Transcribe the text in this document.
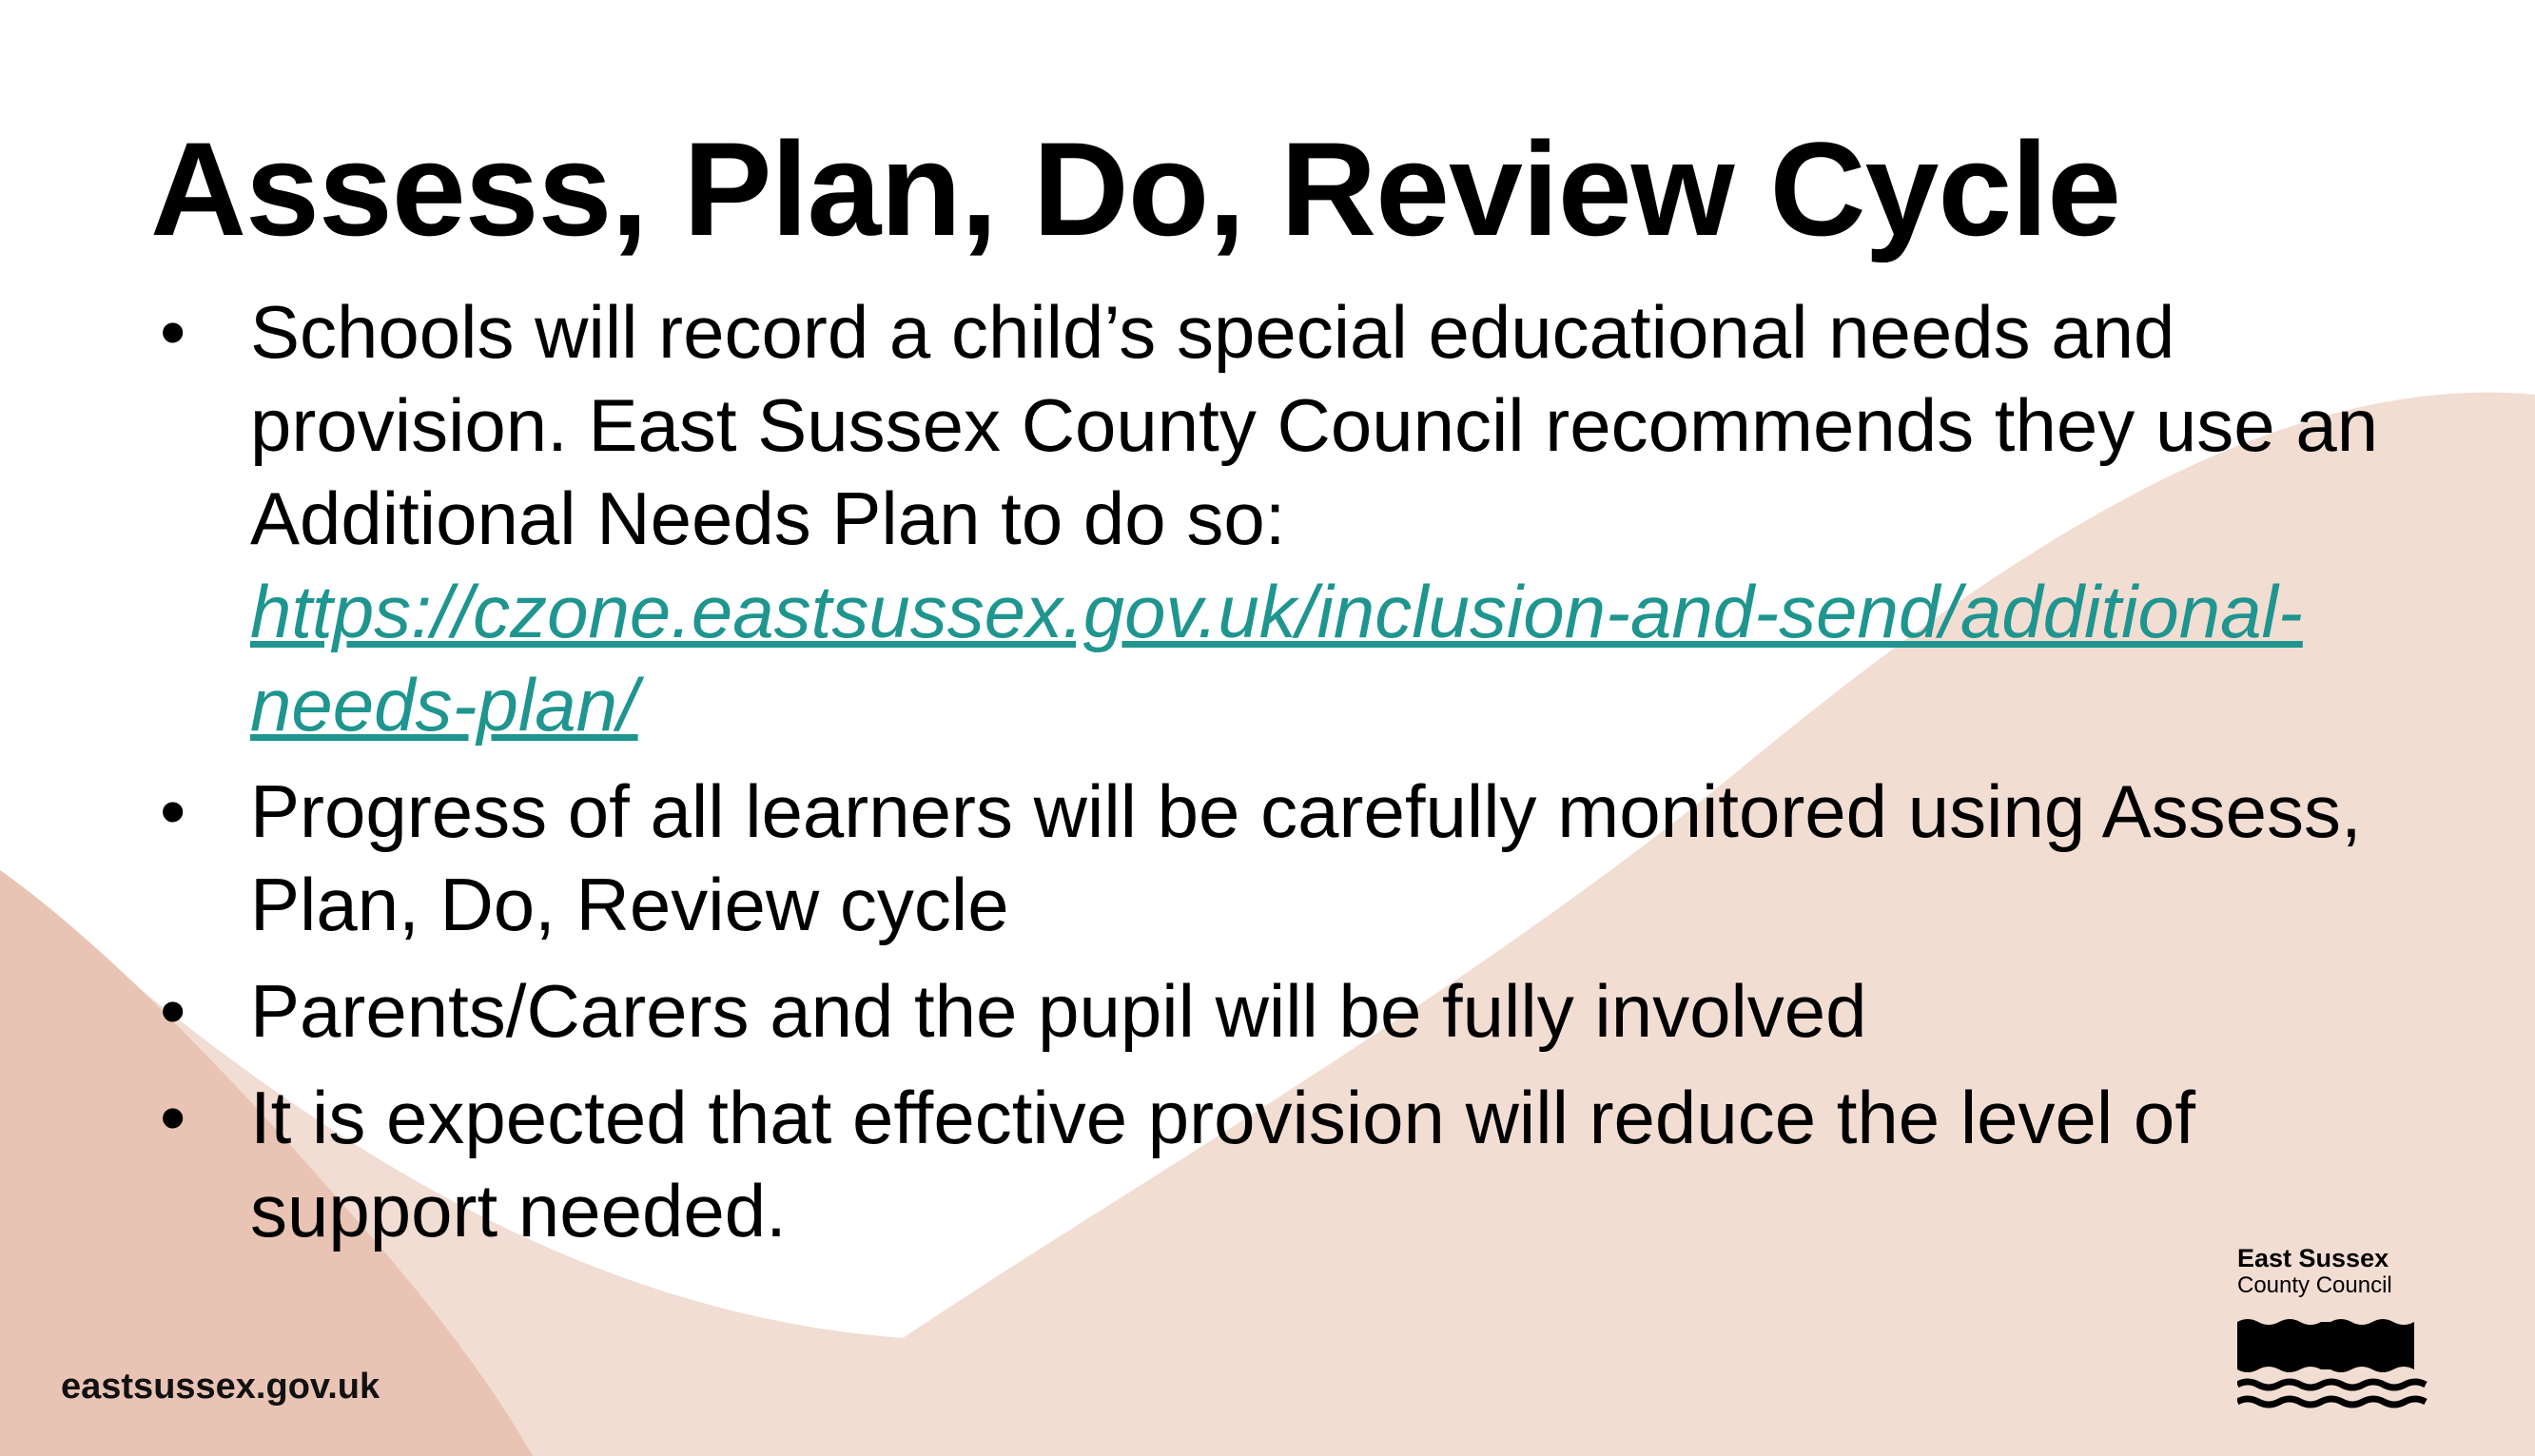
Assess, Plan, Do, Review Cycle
• Schools will record a child’s special educational needs and provision. East Sussex County Council recommends they use an Additional Needs Plan to do so: https://czone.eastsussex.gov.uk/inclusion-and-send/additional-needs-plan/
• Progress of all learners will be carefully monitored using Assess, Plan, Do, Review cycle
• Parents/Carers and the pupil will be fully involved
• It is expected that effective provision will reduce the level of support needed.

eastsussex.gov.uk

East Sussex
County Council
